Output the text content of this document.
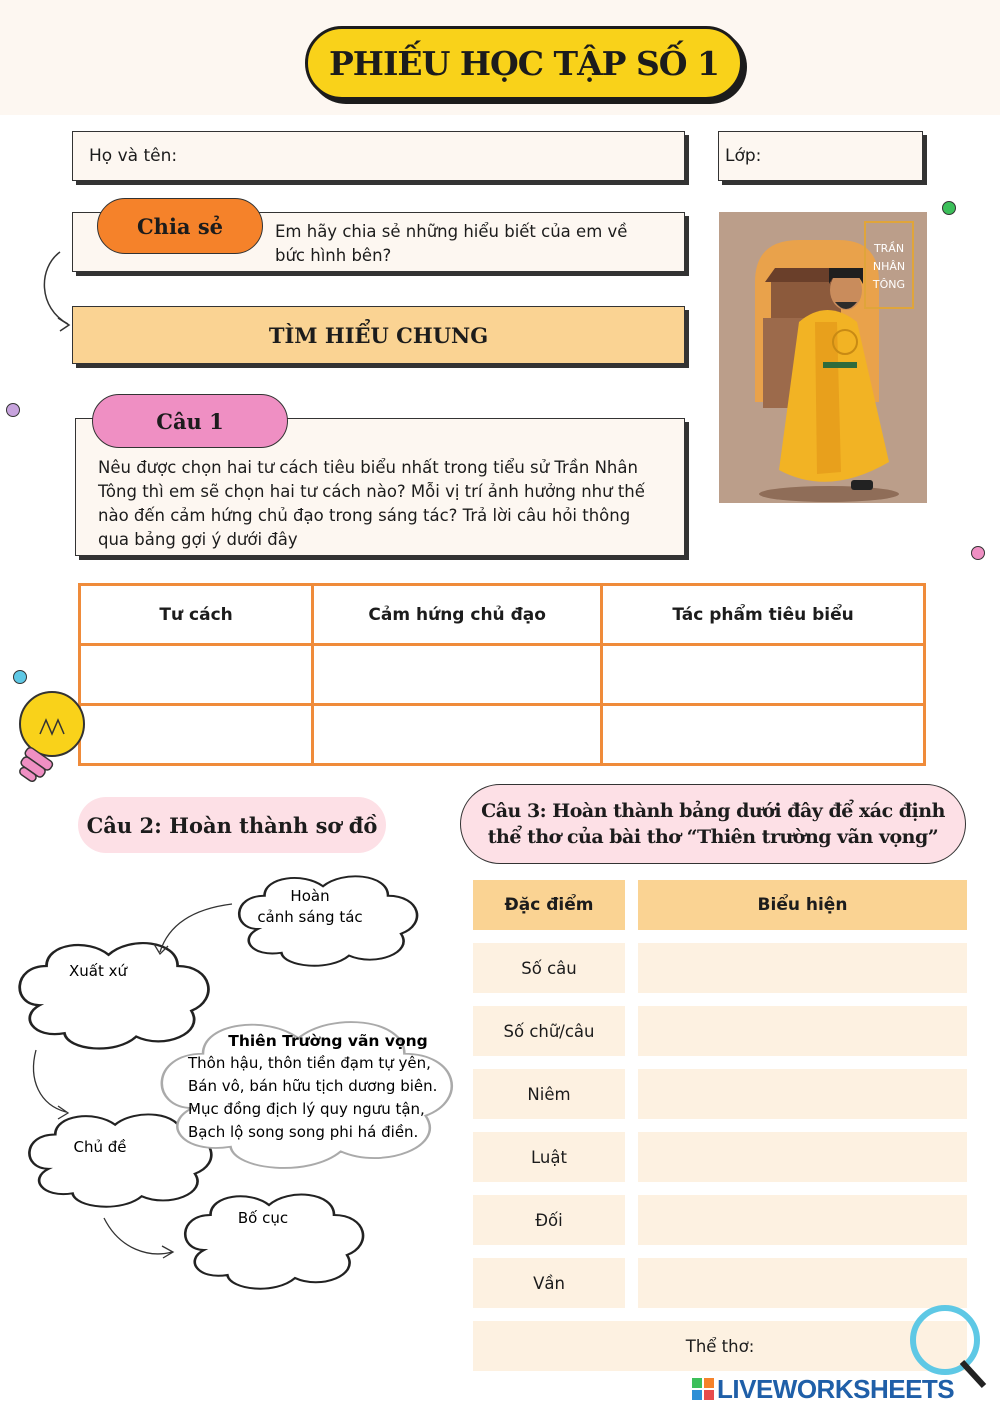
PHIẾU HỌC TẬP SỐ 1
Họ và tên:	Lớp:
Chia sẻ	Em hãy chia sẻ những hiểu biết của em về
bức hình bên?
TÌM HIỂU CHUNG
TRẦN
NHÂN
TÔNG
Câu 1
Nêu được chọn hai tư cách tiêu biểu nhất trong tiểu sử Trần Nhân
Tông thì em sẽ chọn hai tư cách nào? Mỗi vị trí ảnh hưởng như thế
nào đến cảm hứng chủ đạo trong sáng tác? Trả lời câu hỏi thông
qua bảng gợi ý dưới đây
Tư cách	Cảm hứng chủ đạo	Tác phẩm tiêu biểu

Câu 2: Hoàn thành sơ đồ
Hoàn
cảnh sáng tác
Xuất xứ
Chủ đề
Bố cục
Thiên Trường vãn vọng
Thôn hậu, thôn tiền đạm tự yên,
Bán vô, bán hữu tịch dương biên.
Mục đồng địch lý quy ngưu tận,
Bạch lộ song song phi há điền.
Câu 3: Hoàn thành bảng dưới đây để xác định
thể thơ của bài thơ “Thiên trường vãn vọng”
Đặc điểm	Biểu hiện
Số câu
Số chữ/câu
Niêm
Luật
Đối
Vần
Thể thơ:
LIVEWORKSHEETS
